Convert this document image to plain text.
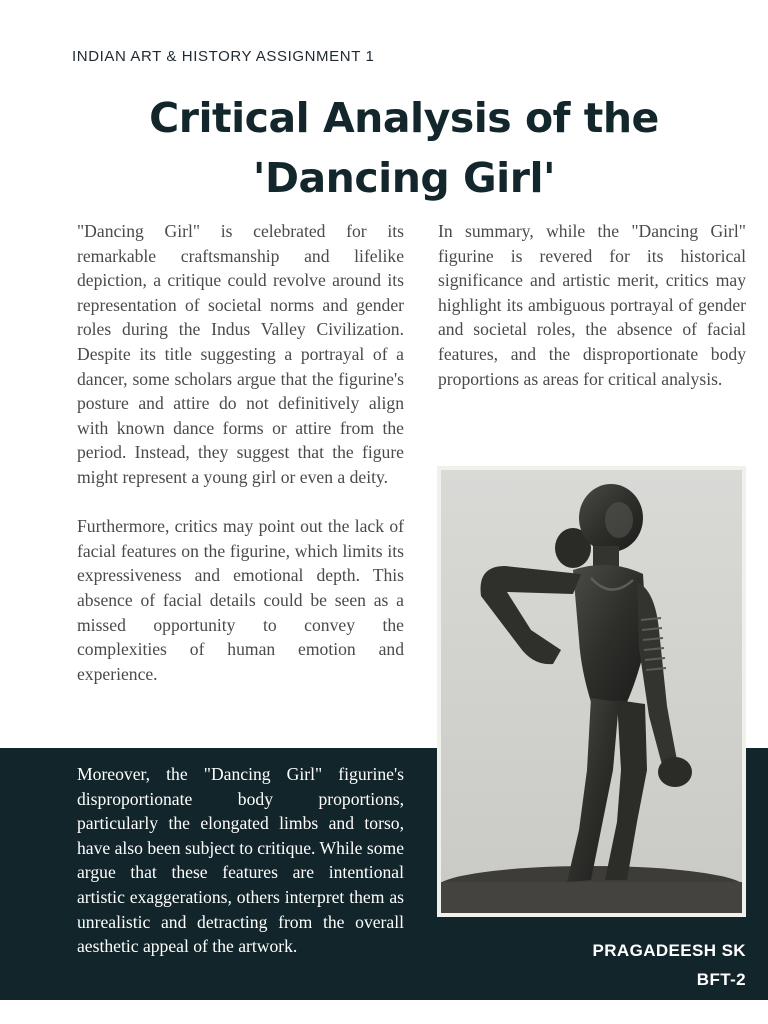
INDIAN ART & HISTORY ASSIGNMENT 1
Critical Analysis of the
'Dancing Girl'

"Dancing Girl" is celebrated for its remarkable craftsmanship and lifelike depiction, a critique could revolve around its representation of societal norms and gender roles during the Indus Valley Civilization. Despite its title suggesting a portrayal of a dancer, some scholars argue that the figurine's posture and attire do not definitively align with known dance forms or attire from the period. Instead, they suggest that the figure might represent a young girl or even a deity.

Furthermore, critics may point out the lack of facial features on the figurine, which limits its expressiveness and emotional depth. This absence of facial details could be seen as a missed opportunity to convey the complexities of human emotion and experience.

Moreover, the "Dancing Girl" figurine's disproportionate body proportions, particularly the elongated limbs and torso, have also been subject to critique. While some argue that these features are intentional artistic exaggerations, others interpret them as unrealistic and detracting from the overall aesthetic appeal of the artwork.

In summary, while the "Dancing Girl" figurine is revered for its historical significance and artistic merit, critics may highlight its ambiguous portrayal of gender and societal roles, the absence of facial features, and the disproportionate body proportions as areas for critical analysis.

PRAGADEESH SK
BFT-2
